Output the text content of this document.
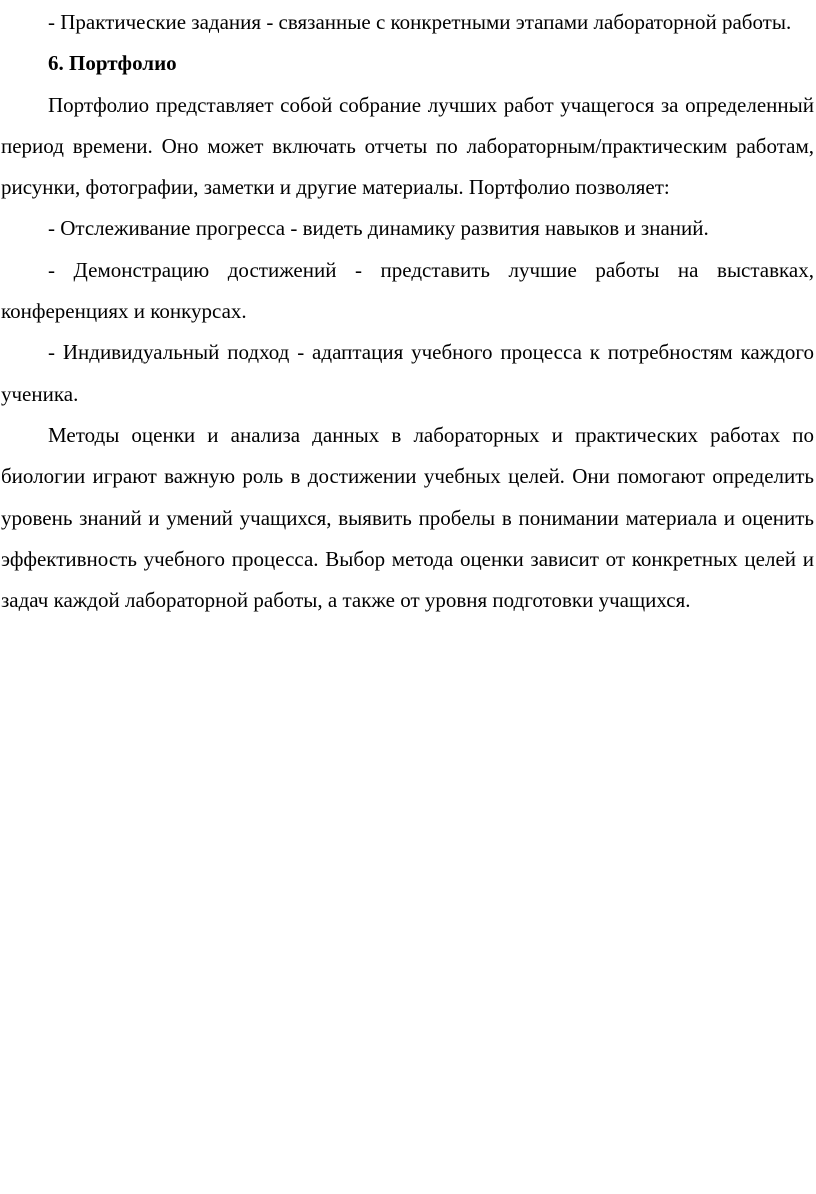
- Практические задания - связанные с конкретными этапами лабораторной работы.

6. Портфолио

Портфолио представляет собой собрание лучших работ учащегося за определенный период времени. Оно может включать отчеты по лабораторным/практическим работам, рисунки, фотографии, заметки и другие материалы. Портфолио позволяет:

- Отслеживание прогресса - видеть динамику развития навыков и знаний.

- Демонстрацию достижений - представить лучшие работы на выставках, конференциях и конкурсах.

- Индивидуальный подход - адаптация учебного процесса к потребностям каждого ученика.

Методы оценки и анализа данных в лабораторных и практических работах по биологии играют важную роль в достижении учебных целей. Они помогают определить уровень знаний и умений учащихся, выявить пробелы в понимании материала и оценить эффективность учебного процесса. Выбор метода оценки зависит от конкретных целей и задач каждой лабораторной работы, а также от уровня подготовки учащихся.
